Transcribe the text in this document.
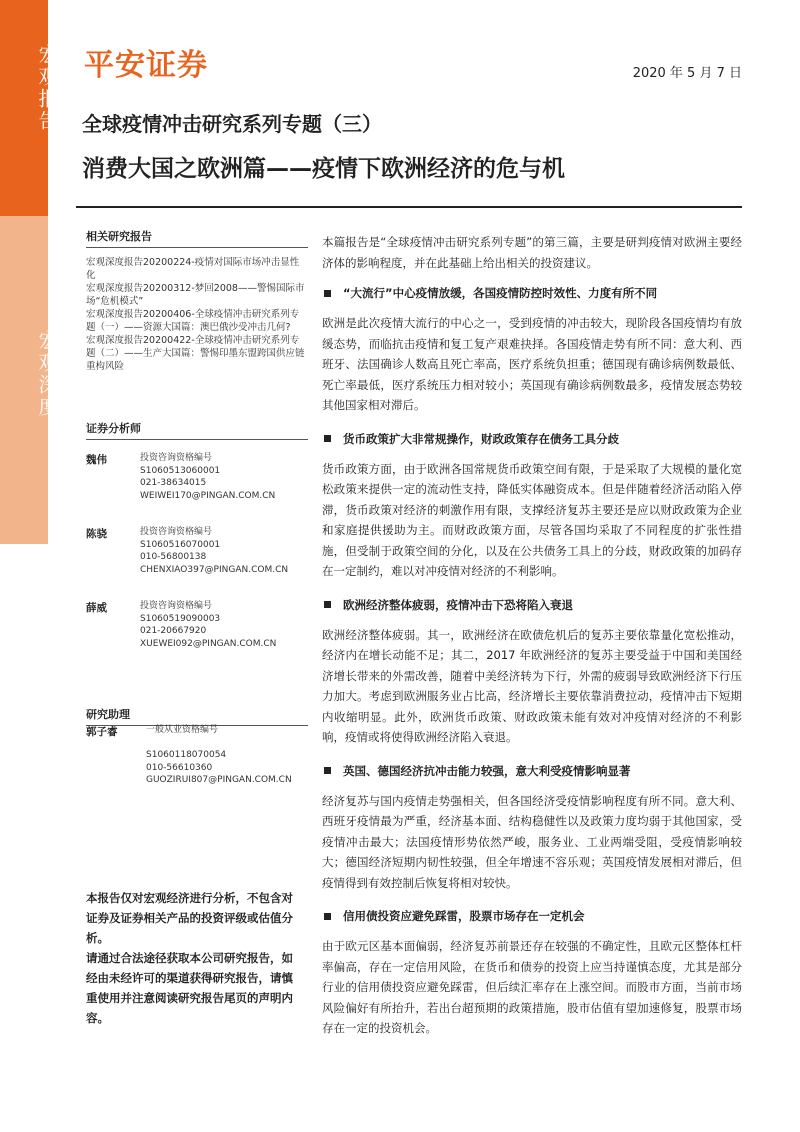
宏观报告
宏观深度
平安证券	2020 年 5 月 7 日
全球疫情冲击研究系列专题（三）
消费大国之欧洲篇——疫情下欧洲经济的危与机
相关研究报告
宏观深度报告20200224-疫情对国际市场冲击显性化
宏观深度报告20200312-梦回2008——警惕国际市场“危机模式”
宏观深度报告20200406-全球疫情冲击研究系列专题（一）——资源大国篇：澳巴俄沙受冲击几何?
宏观深度报告20200422-全球疫情冲击研究系列专题（二）——生产大国篇：警惕印墨东盟跨国供应链重构风险
证券分析师
魏伟	投资咨询资格编号
S1060513060001
021-38634015
WEIWEI170@PINGAN.COM.CN
陈骁	投资咨询资格编号
S1060516070001
010-56800138
CHENXIAO397@PINGAN.COM.CN
薛威	投资咨询资格编号
S1060519090003
021-20667920
XUEWEI092@PINGAN.COM.CN
研究助理
郭子睿	一般从业资格编号
S1060118070054
010-56610360
GUOZIRUI807@PINGAN.COM.CN
本报告仅对宏观经济进行分析，不包含对证券及证券相关产品的投资评级或估值分析。
请通过合法途径获取本公司研究报告，如经由未经许可的渠道获得研究报告，请慎重使用并注意阅读研究报告尾页的声明内容。
本篇报告是“全球疫情冲击研究系列专题”的第三篇，主要是研判疫情对欧洲主要经济体的影响程度，并在此基础上给出相关的投资建议。
“大流行”中心疫情放缓，各国疫情防控时效性、力度有所不同
欧洲是此次疫情大流行的中心之一，受到疫情的冲击较大，现阶段各国疫情均有放缓态势，而临抗击疫情和复工复产艰难抉择。各国疫情走势有所不同：意大利、西班牙、法国确诊人数高且死亡率高，医疗系统负担重；德国现有确诊病例数最低、死亡率最低，医疗系统压力相对较小；英国现有确诊病例数最多，疫情发展态势较其他国家相对滞后。
货币政策扩大非常规操作，财政政策存在债务工具分歧
货币政策方面，由于欧洲各国常规货币政策空间有限，于是采取了大规模的量化宽松政策来提供一定的流动性支持，降低实体融资成本。但是伴随着经济活动陷入停滞，货币政策对经济的刺激作用有限，支撑经济复苏主要还是应以财政政策为企业和家庭提供援助为主。而财政政策方面，尽管各国均采取了不同程度的扩张性措施，但受制于政策空间的分化，以及在公共债务工具上的分歧，财政政策的加码存在一定制约，难以对冲疫情对经济的不利影响。
欧洲经济整体疲弱，疫情冲击下恐将陷入衰退
欧洲经济整体疲弱。其一，欧洲经济在欧债危机后的复苏主要依靠量化宽松推动，经济内在增长动能不足；其二，2017 年欧洲经济的复苏主要受益于中国和美国经济增长带来的外需改善，随着中美经济转为下行，外需的疲弱导致欧洲经济下行压力加大。考虑到欧洲服务业占比高，经济增长主要依靠消费拉动，疫情冲击下短期内收缩明显。此外，欧洲货币政策、财政政策未能有效对冲疫情对经济的不利影响，疫情或将使得欧洲经济陷入衰退。
英国、德国经济抗冲击能力较强，意大利受疫情影响显著
经济复苏与国内疫情走势强相关，但各国经济受疫情影响程度有所不同。意大利、西班牙疫情最为严重，经济基本面、结构稳健性以及政策力度均弱于其他国家，受疫情冲击最大；法国疫情形势依然严峻，服务业、工业两端受阻，受疫情影响较大；德国经济短期内韧性较强，但全年增速不容乐观；英国疫情发展相对滞后，但疫情得到有效控制后恢复将相对较快。
信用债投资应避免踩雷，股票市场存在一定机会
由于欧元区基本面偏弱，经济复苏前景还存在较强的不确定性，且欧元区整体杠杆率偏高，存在一定信用风险，在货币和债券的投资上应当持谨慎态度，尤其是部分行业的信用债投资应避免踩雷，但后续汇率存在上涨空间。而股市方面，当前市场风险偏好有所抬升，若出台超预期的政策措施，股市估值有望加速修复，股票市场存在一定的投资机会。
